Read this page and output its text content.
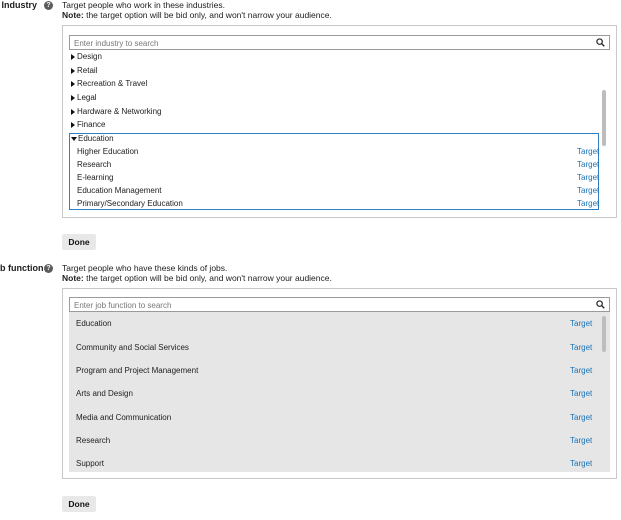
Industry	? Target people who work in these industries.
Note: the target option will be bid only, and won't narrow your audience.
Enter industry to search
Design
Retail
Recreation & Travel
Legal
Hardware & Networking
Finance
Education
Higher Education	Target
Research	Target
E-learning	Target
Education Management	Target
Primary/Secondary Education	Target
Done
b function ? Target people who have these kinds of jobs.
Note: the target option will be bid only, and won't narrow your audience.
Enter job function to search
Education	Target
Community and Social Services	Target
Program and Project Management	Target
Arts and Design	Target
Media and Communication	Target
Research	Target
Support	Target
Done
